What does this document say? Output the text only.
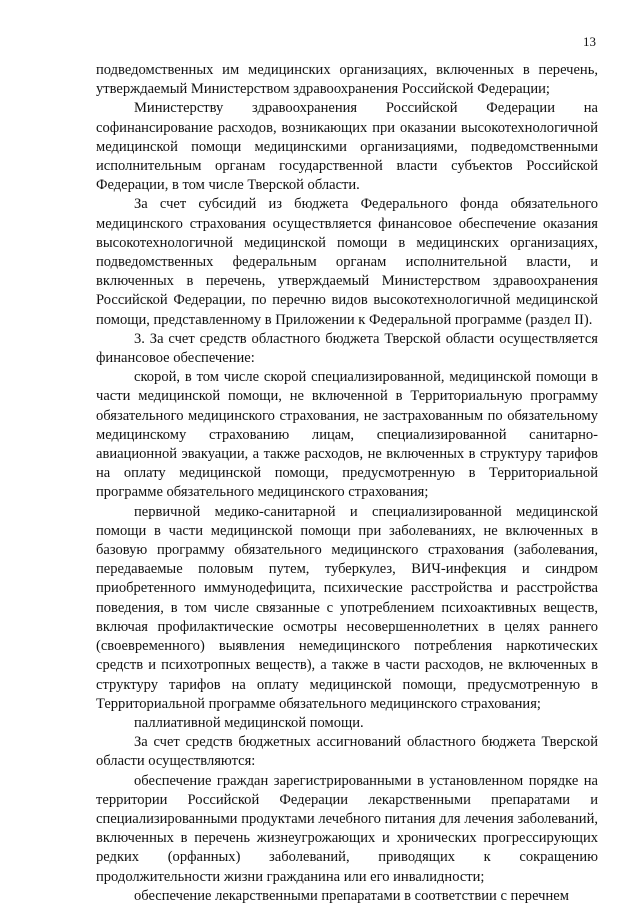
13

подведомственных им медицинских организациях, включенных в перечень, утверждаемый Министерством здравоохранения Российской Федерации;

Министерству здравоохранения Российской Федерации на софинансирование расходов, возникающих при оказании высокотехнологичной медицинской помощи медицинскими организациями, подведомственными исполнительным органам государственной власти субъектов Российской Федерации, в том числе Тверской области.

За счет субсидий из бюджета Федерального фонда обязательного медицинского страхования осуществляется финансовое обеспечение оказания высокотехнологичной медицинской помощи в медицинских организациях, подведомственных федеральным органам исполнительной власти, и включенных в перечень, утверждаемый Министерством здравоохранения Российской Федерации, по перечню видов высокотехнологичной медицинской помощи, представленному в Приложении к Федеральной программе (раздел II).

3. За счет средств областного бюджета Тверской области осуществляется финансовое обеспечение:

скорой, в том числе скорой специализированной, медицинской помощи в части медицинской помощи, не включенной в Территориальную программу обязательного медицинского страхования, не застрахованным по обязательному медицинскому страхованию лицам, специализированной санитарно-авиационной эвакуации, а также расходов, не включенных в структуру тарифов на оплату медицинской помощи, предусмотренную в Территориальной программе обязательного медицинского страхования;

первичной медико-санитарной и специализированной медицинской помощи в части медицинской помощи при заболеваниях, не включенных в базовую программу обязательного медицинского страхования (заболевания, передаваемые половым путем, туберкулез, ВИЧ-инфекция и синдром приобретенного иммунодефицита, психические расстройства и расстройства поведения, в том числе связанные с употреблением психоактивных веществ, включая профилактические осмотры несовершеннолетних в целях раннего (своевременного) выявления немедицинского потребления наркотических средств и психотропных веществ), а также в части расходов, не включенных в структуру тарифов на оплату медицинской помощи, предусмотренную в Территориальной программе обязательного медицинского страхования;

паллиативной медицинской помощи.

За счет средств бюджетных ассигнований областного бюджета Тверской области осуществляются:

обеспечение граждан зарегистрированными в установленном порядке на территории Российской Федерации лекарственными препаратами и специализированными продуктами лечебного питания для лечения заболеваний, включенных в перечень жизнеугрожающих и хронических прогрессирующих редких (орфанных) заболеваний, приводящих к сокращению продолжительности жизни гражданина или его инвалидности;

обеспечение лекарственными препаратами в соответствии с перечнем
